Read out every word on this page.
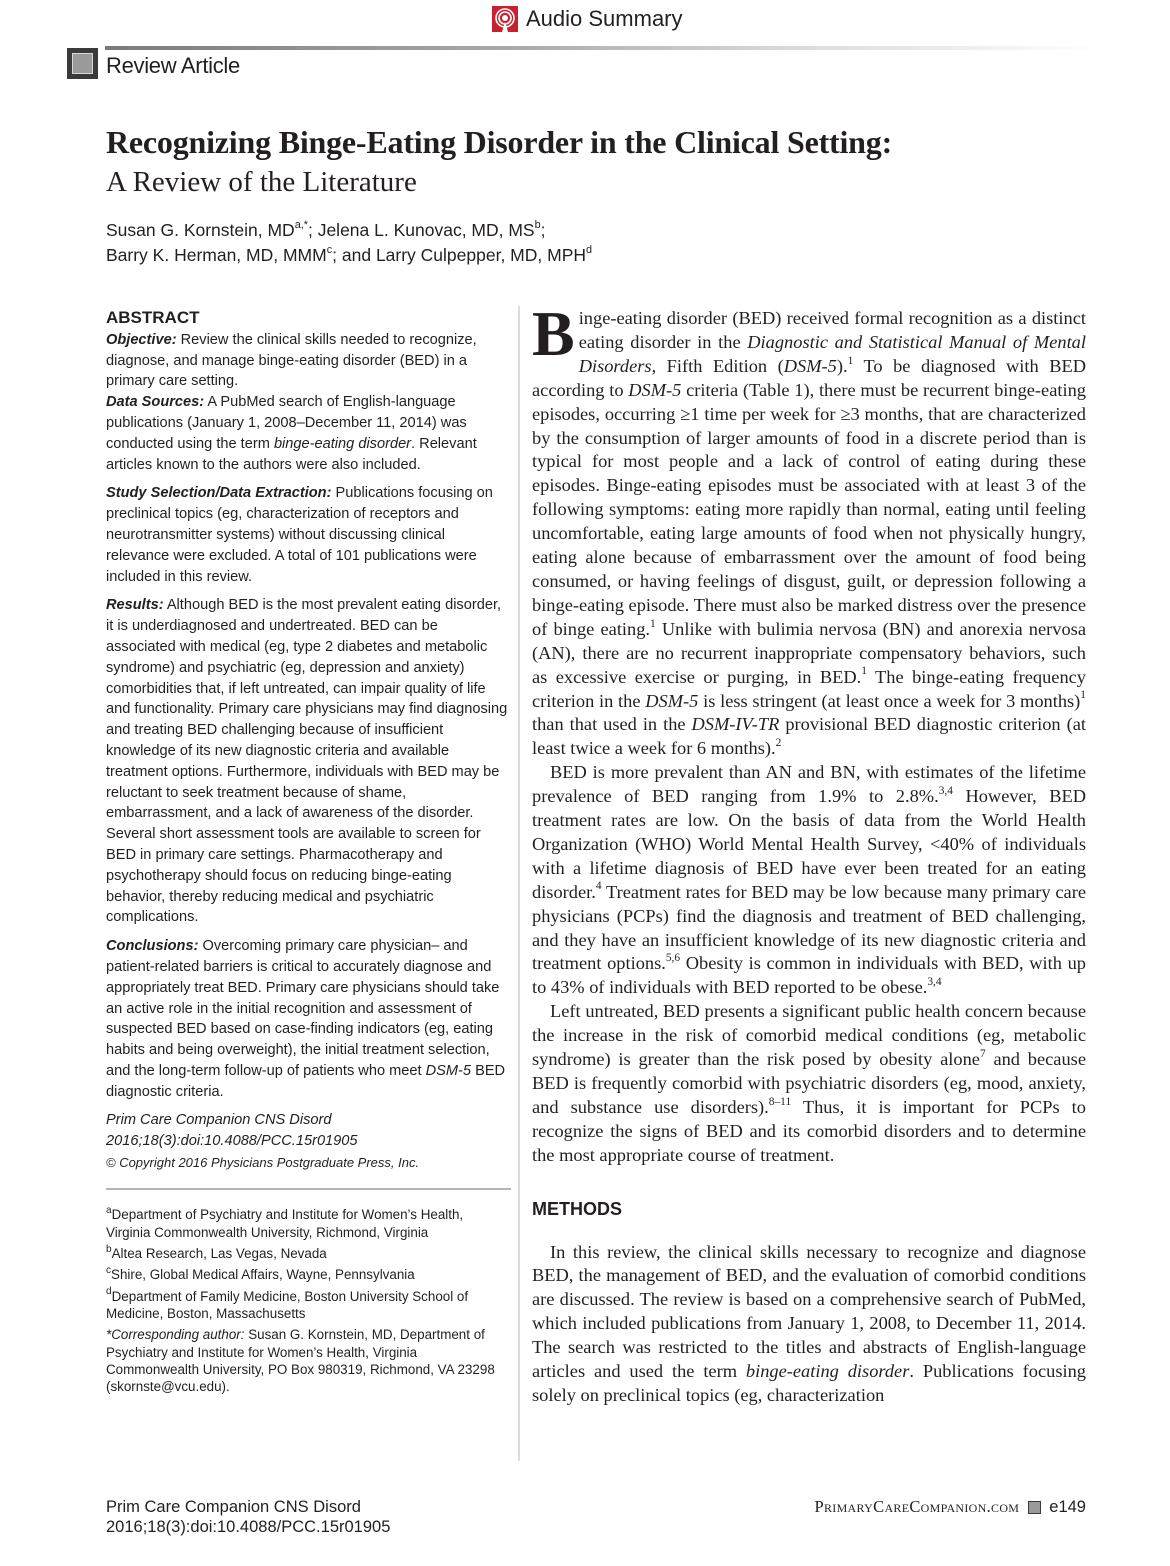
Audio Summary
Review Article
Recognizing Binge-Eating Disorder in the Clinical Setting:
A Review of the Literature
Susan G. Kornstein, $MD^{a,*}$; Jelena L. Kunovac, MD, $MS^b$;
Barry K. Herman, MD, MMM$^c$; and Larry Culpepper, MD, MPH$^d$
ABSTRACT

Objective: Review the clinical skills needed to recognize, diagnose, and manage binge-eating disorder (BED) in a primary care setting.

Data Sources: A PubMed search of English-language publications (January 1, 2008–December 11, 2014) was conducted using the term binge-eating disorder. Relevant articles known to the authors were also included.

Study Selection/Data Extraction: Publications focusing on preclinical topics (eg, characterization of receptors and neurotransmitter systems) without discussing clinical relevance were excluded. A total of 101 publications were included in this review.

Results: Although BED is the most prevalent eating disorder, it is underdiagnosed and undertreated. BED can be associated with medical (eg, type 2 diabetes and metabolic syndrome) and psychiatric (eg, depression and anxiety) comorbidities that, if left untreated, can impair quality of life and functionality. Primary care physicians may find diagnosing and treating BED challenging because of insufficient knowledge of its new diagnostic criteria and available treatment options. Furthermore, individuals with BED may be reluctant to seek treatment because of shame, embarrassment, and a lack of awareness of the disorder. Several short assessment tools are available to screen for BED in primary care settings. Pharmacotherapy and psychotherapy should focus on reducing binge-eating behavior, thereby reducing medical and psychiatric complications.

Conclusions: Overcoming primary care physician– and patient-related barriers is critical to accurately diagnose and appropriately treat BED. Primary care physicians should take an active role in the initial recognition and assessment of suspected BED based on case-finding indicators (eg, eating habits and being overweight), the initial treatment selection, and the long-term follow-up of patients who meet DSM-5 BED diagnostic criteria.

Prim Care Companion CNS Disord
2016;18(3):doi:10.4088/PCC.15r01905
© Copyright 2016 Physicians Postgraduate Press, Inc.

$^a$Department of Psychiatry and Institute for Women’s Health, Virginia Commonwealth University, Richmond, Virginia

$^b$Altea Research, Las Vegas, Nevada

$^c$Shire, Global Medical Affairs, Wayne, Pennsylvania

$^d$Department of Family Medicine, Boston University School of Medicine, Boston, Massachusetts

*Corresponding author: Susan G. Kornstein, MD, Department of Psychiatry and Institute for Women’s Health, Virginia Commonwealth University, PO Box 980319, Richmond, VA 23298 (skornste@vcu.edu).

Binge-eating disorder (BED) received formal recognition as a distinct eating disorder in the Diagnostic and Statistical Manual of Mental Disorders, Fifth Edition (DSM-5).$^1$ To be diagnosed with BED according to DSM-5 criteria (Table 1), there must be recurrent binge-eating episodes, occurring ≥1 time per week for ≥3 months, that are characterized by the consumption of larger amounts of food in a discrete period than is typical for most people and a lack of control of eating during these episodes. Binge-eating episodes must be associated with at least 3 of the following symptoms: eating more rapidly than normal, eating until feeling uncomfortable, eating large amounts of food when not physically hungry, eating alone because of embarrassment over the amount of food being consumed, or having feelings of disgust, guilt, or depression following a binge-eating episode. There must also be marked distress over the presence of binge eating.$^1$ Unlike with bulimia nervosa (BN) and anorexia nervosa (AN), there are no recurrent inappropriate compensatory behaviors, such as excessive exercise or purging, in BED.$^1$ The binge-eating frequency criterion in the DSM-5 is less stringent (at least once a week for 3 months)$^1$ than that used in the DSM-IV-TR provisional BED diagnostic criterion (at least twice a week for 6 months).$^2$

BED is more prevalent than AN and BN, with estimates of the lifetime prevalence of BED ranging from 1.9% to 2.8%.$^{3,4}$ However, BED treatment rates are low. On the basis of data from the World Health Organization (WHO) World Mental Health Survey, <40% of individuals with a lifetime diagnosis of BED have ever been treated for an eating disorder.$^4$ Treatment rates for BED may be low because many primary care physicians (PCPs) find the diagnosis and treatment of BED challenging, and they have an insufficient knowledge of its new diagnostic criteria and treatment options.$^{5,6}$ Obesity is common in individuals with BED, with up to 43% of individuals with BED reported to be obese.$^{3,4}$

Left untreated, BED presents a significant public health concern because the increase in the risk of comorbid medical conditions (eg, metabolic syndrome) is greater than the risk posed by obesity alone$^7$ and because BED is frequently comorbid with psychiatric disorders (eg, mood, anxiety, and substance use disorders).$^{8-11}$ Thus, it is important for PCPs to recognize the signs of BED and its comorbid disorders and to determine the most appropriate course of treatment.

METHODS

In this review, the clinical skills necessary to recognize and diagnose BED, the management of BED, and the evaluation of comorbid conditions are discussed. The review is based on a comprehensive search of PubMed, which included publications from January 1, 2008, to December 11, 2014. The search was restricted to the titles and abstracts of English-language articles and used the term binge-eating disorder. Publications focusing solely on preclinical topics (eg, characterization

Prim Care Companion CNS Disord
2016;18(3):doi:10.4088/PCC.15r01905
PrimaryCareCompanion.com e149
